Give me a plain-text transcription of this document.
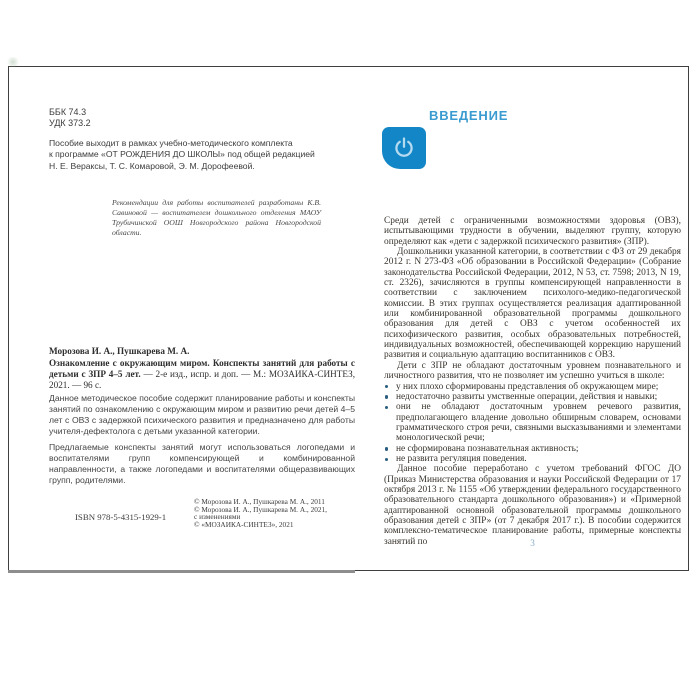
ББК 74.3
УДК 373.2
Пособие выходит в рамках учебно-методического комплекта
к программе «ОТ РОЖДЕНИЯ ДО ШКОЛЫ» под общей редакцией
Н. Е. Вераксы, Т. С. Комаровой, Э. М. Дорофеевой.
Рекомендации для работы воспитателей разработаны К.В. Савиновой — воспитателем дошкольного отделения МАОУ Трубичинской ООШ Новгородского района Новгородской области.
Морозова И. А., Пушкарева М. А.
Ознакомление с окружающим миром. Конспекты занятий для работы с детьми с ЗПР 4–5 лет. — 2-е изд., испр. и доп. — М.: МОЗАИКА-СИНТЕЗ, 2021. — 96 с.
Данное методическое пособие содержит планирование работы и конспекты занятий по ознакомлению с окружающим миром и развитию речи детей 4–5 лет с ОВЗ с задержкой психического развития и предназначено для работы учителя-дефектолога с детьми указанной категории.
Предлагаемые конспекты занятий могут использоваться логопедами и воспитателями групп компенсирующей и комбинированной направленности, а также логопедами и воспитателями общеразвивающих групп, родителями.
© Морозова И. А., Пушкарева М. А., 2011
© Морозова И. А., Пушкарева М. А., 2021,
с изменениями
© «МОЗАИКА-СИНТЕЗ», 2021
ISBN 978-5-4315-1929-1
ВВЕДЕНИЕ

Среди детей с ограниченными возможностями здоровья (ОВЗ), испытывающими трудности в обучении, выделяют группу, которую определяют как «дети с задержкой психического развития» (ЗПР).

Дошкольники указанной категории, в соответствии с ФЗ от 29 декабря 2012 г. N 273-ФЗ «Об образовании в Российской Федерации» (Собрание законодательства Российской Федерации, 2012, N 53, ст. 7598; 2013, N 19, ст. 2326), зачисляются в группы компенсирующей направленности в соответствии с заключением психолого-медико-педагогической комиссии. В этих группах осуществляется реализация адаптированной или комбинированной образовательной программы дошкольного образования для детей с ОВЗ с учетом особенностей их психофизического развития, особых образовательных потребностей, индивидуальных возможностей, обеспечивающей коррекцию нарушений развития и социальную адаптацию воспитанников с ОВЗ.

Дети с ЗПР не обладают достаточным уровнем познавательного и личностного развития, что не позволяет им успешно учиться в школе:

у них плохо сформированы представления об окружающем мире;
недостаточно развиты умственные операции, действия и навыки;
они не обладают достаточным уровнем речевого развития, предполагающего владение довольно обширным словарем, основами грамматического строя речи, связными высказываниями и элементами монологической речи;
не сформирована познавательная активность;
не развита регуляция поведения.

Данное пособие переработано с учетом требований ФГОС ДО (Приказ Министерства образования и науки Российской Федерации от 17 октября 2013 г. № 1155 «Об утверждении федерального государственного образовательного стандарта дошкольного образования») и «Примерной адаптированной основной образовательной программы дошкольного образования детей с ЗПР» (от 7 декабря 2017 г.). В пособии содержится комплексно-тематическое планирование работы, примерные конспекты занятий по	3
